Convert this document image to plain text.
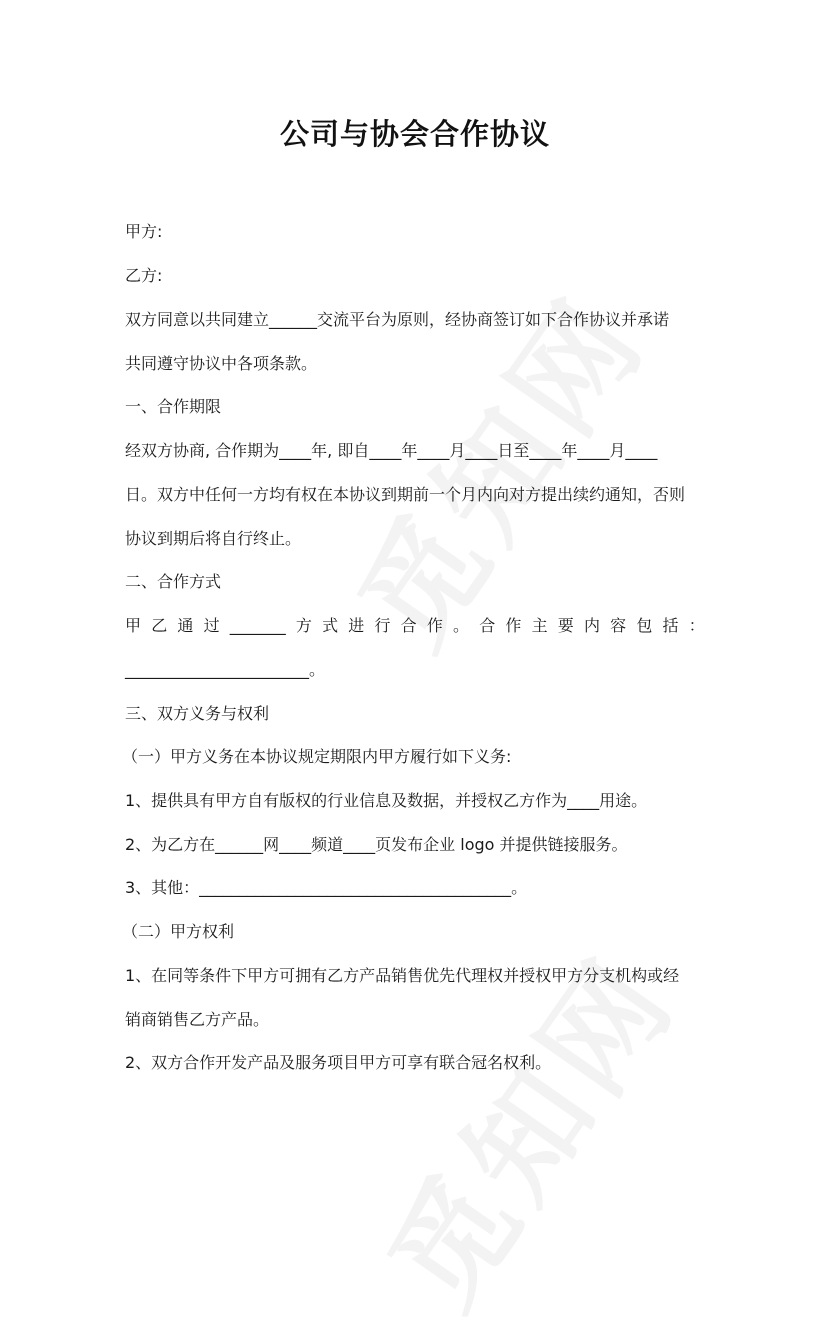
公司与协会合作协议
甲方:
乙方:
双方同意以共同建立______交流平台为原则，经协商签订如下合作协议并承诺
共同遵守协议中各项条款。
一、合作期限
经双方协商, 合作期为____年, 即自____年____月____日至____年____月____
日。双方中任何一方均有权在本协议到期前一个月内向对方提出续约通知，否则
协议到期后将自行终止。
二、合作方式
甲 乙 通 过 _______ 方 式 进 行 合 作 。 合 作 主 要 内 容 包 括 ：
_______________________。
三、双方义务与权利
（一）甲方义务在本协议规定期限内甲方履行如下义务:
1、提供具有甲方自有版权的行业信息及数据，并授权乙方作为____用途。
2、为乙方在______网____频道____页发布企业 logo 并提供链接服务。
3、其他：_______________________________________。
（二）甲方权利
1、在同等条件下甲方可拥有乙方产品销售优先代理权并授权甲方分支机构或经
销商销售乙方产品。
2、双方合作开发产品及服务项目甲方可享有联合冠名权利。
